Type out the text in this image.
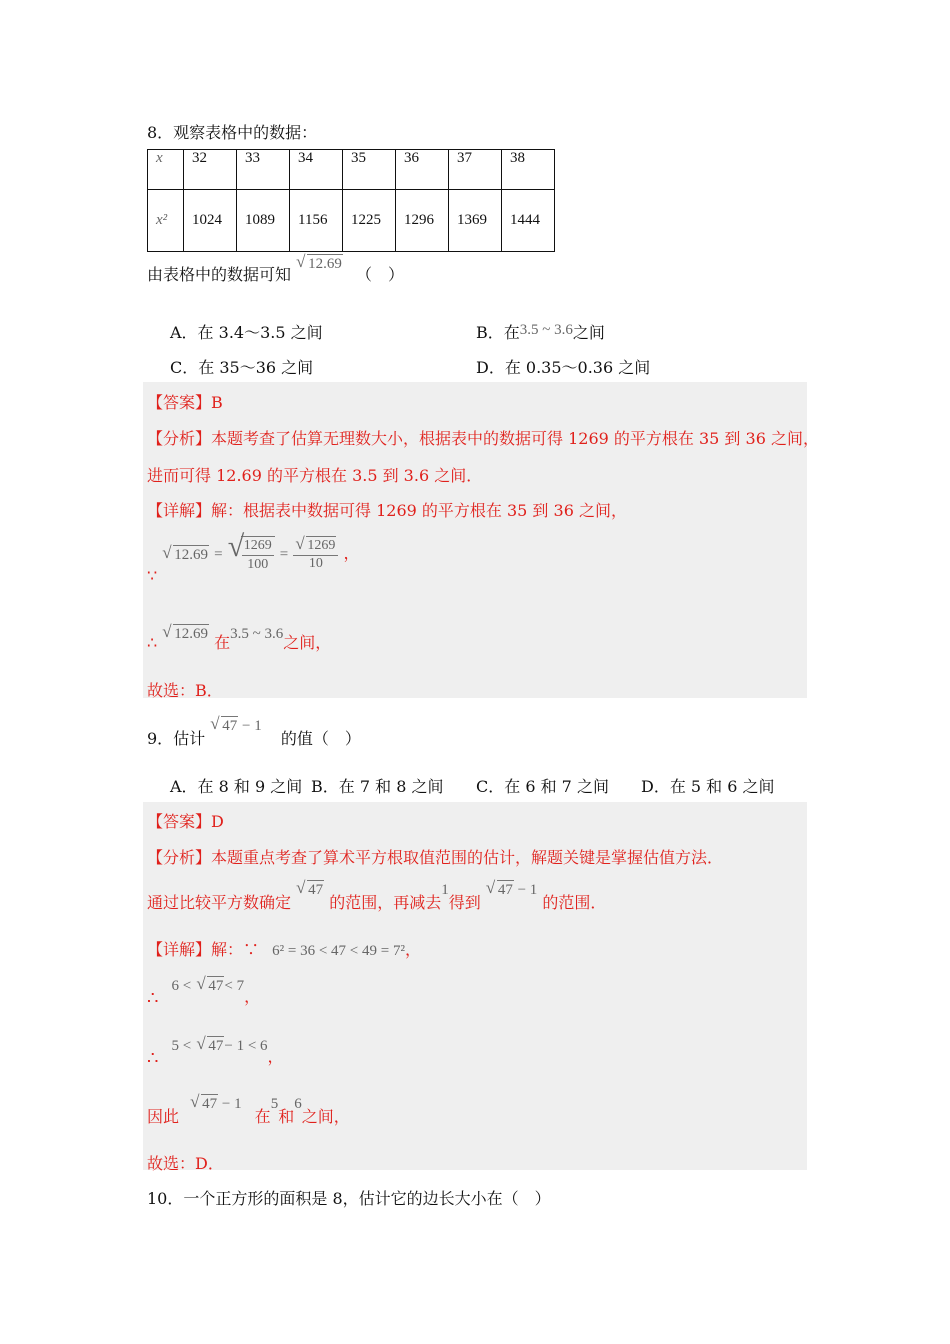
8．观察表格中的数据：
x	32	33	34	35	36	37	38
x²	1024	1089	1156	1225	1296	1369	1444
由表格中的数据可知
√ 12.69 （　）
A．在 3.4～3.5 之间	B．在3.5 ~ 3.6之间
C．在 35～36 之间	D．在 0.35～0.36 之间
【答案】B
【分析】本题考查了估算无理数大小，根据表中的数据可得 1269 的平方根在 35 到 36 之间，
进而可得 12.69 的平方根在 3.5 到 3.6 之间．
【详解】解：根据表中数据可得 1269 的平方根在 35 到 36 之间，
∵
√ 12.69 = √
$\frac{1269}{100} = \frac{√ 1269}{10}$ ，
∴
√ 12.69 在3.5 ~ 3.6之间，
故选：B．
9．估计
√ 47 − 1 的值（　）
A．在 8 和 9 之间 B．在 7 和 8 之间 C．在 6 和 7 之间 D．在 5 和 6 之间
【答案】D
【分析】本题重点考查了算术平方根取值范围的估计，解题关键是掌握估值方法．
通过比较平方数确定
√ 47 的范围，再减去1得到
√ 47 − 1 的范围．
【详解】解：∵ 6² = 36 < 47 < 49 = 7²，
∴ 6 < √ 47< 7，
∴ 5 < √ 47− 1 < 6，
因此
√ 47 − 1 在5和6之间，
故选：D．
10．一个正方形的面积是 8，估计它的边长大小在（　）
